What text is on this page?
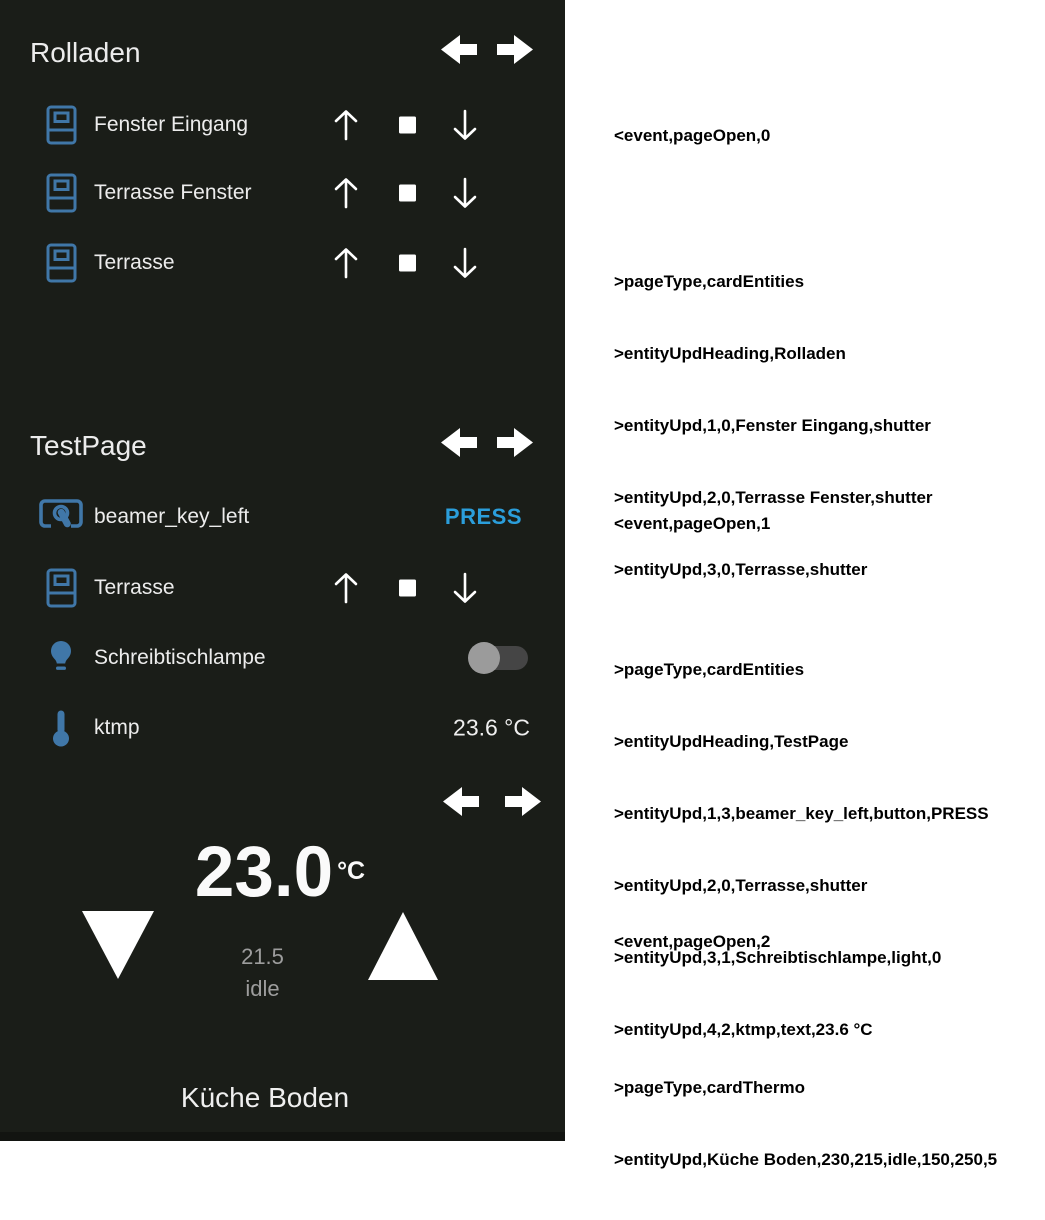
Rolladen
Fenster Eingang
Terrasse Fenster
Terrasse
TestPage
beamer_key_left	PRESS
Terrasse
Schreibtischlampe
ktmp	23.6 °C
23.0 $^{^\circ C}$
21.5
idle
Küche Boden

<event,pageOpen,0

>pageType,cardEntities

>entityUpdHeading,Rolladen

>entityUpd,1,0,Fenster Eingang,shutter

>entityUpd,2,0,Terrasse Fenster,shutter

>entityUpd,3,0,Terrasse,shutter

<event,pageOpen,1

>pageType,cardEntities

>entityUpdHeading,TestPage

>entityUpd,1,3,beamer_key_left,button,PRESS

>entityUpd,2,0,Terrasse,shutter

>entityUpd,3,1,Schreibtischlampe,light,0

>entityUpd,4,2,ktmp,text,23.6 °C

<event,pageOpen,2

>pageType,cardThermo

>entityUpd,Küche Boden,230,215,idle,150,250,5
